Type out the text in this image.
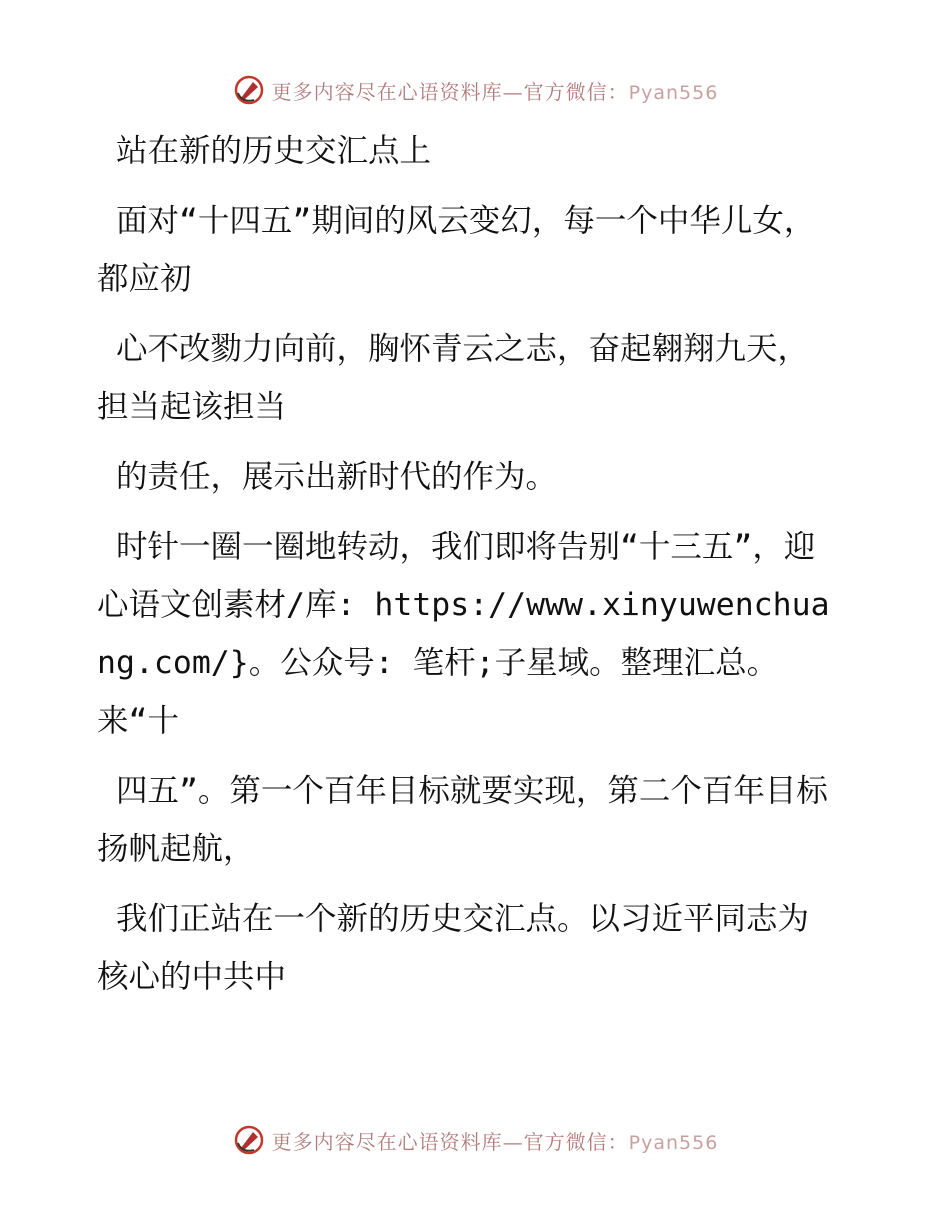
更多内容尽在心语资料库—官方微信：Pyan556

站在新的历史交汇点上

面对“十四五”期间的风云变幻，每一个中华儿女，都应初

心不改勠力向前，胸怀青云之志，奋起翱翔九天，担当起该担当

的责任，展示出新时代的作为。

时针一圈一圈地转动，我们即将告别“十三五”，迎心语文创素材/库: https://www.xinyuwenchuang.com/}。公众号: 笔杆;子星域。整理汇总。来“十

四五”。第一个百年目标就要实现，第二个百年目标扬帆起航，

我们正站在一个新的历史交汇点。以习近平同志为核心的中共中

更多内容尽在心语资料库—官方微信：Pyan556
